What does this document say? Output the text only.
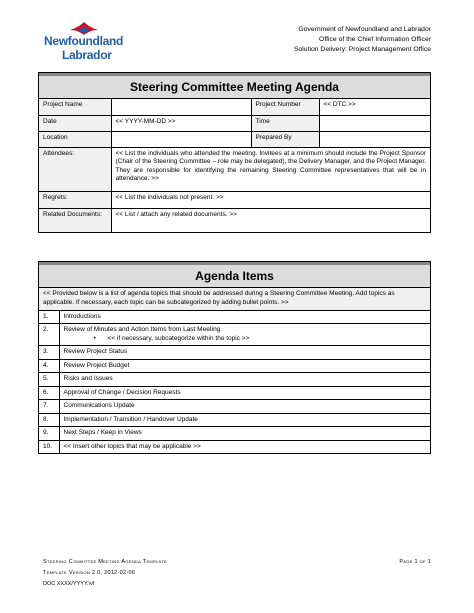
Newfoundland
Labrador
Government of Newfoundland and Labrador
Office of the Chief Information Officer
Solution Delivery: Project Management Office
Steering Committee Meeting Agenda
Project Name		Project Number	<< DTC >>
Date	<< YYYY-MM-DD >>	Time	
Location		Prepared By	
Attendees:	<< List the individuals who attended the meeting. Invitees at a minimum should include the Project Sponsor (Chair of the Steering Committee – role may be delegated), the Delivery Manager, and the Project Manager. They are responsible for identifying the remaining Steering Committee representatives that will be in attendance. >>		
Regrets:	<< List the individuals not present. >>		
Related Documents:	<< List / attach any related documents. >>		
Agenda Items
<< Provided below is a list of agenda topics that should be addressed during a Steering Committee Meeting. Add topics as applicable. If necessary, each topic can be subcategorized by adding bullet points. >>	
1.	Introductions
2.	Review of Minutes and Action Items from Last Meeting
• << if necessary, subcategorize within the topic >>

3.	Review Project Status
4.	Review Project Budget
5.	Risks and Issues
6.	Approval of Change / Decision Requests
7.	Communications Update
8.	Implementation / Transition / Handover Update
9.	Next Steps / Keep in Views
10.	<< Insert other topics that may be applicable >>
Steering Committee Meeting Agenda Template	Page 1 of 1
Template Version 2.0, 2012-02-06
DOC XXXX/YYYY.\vf
